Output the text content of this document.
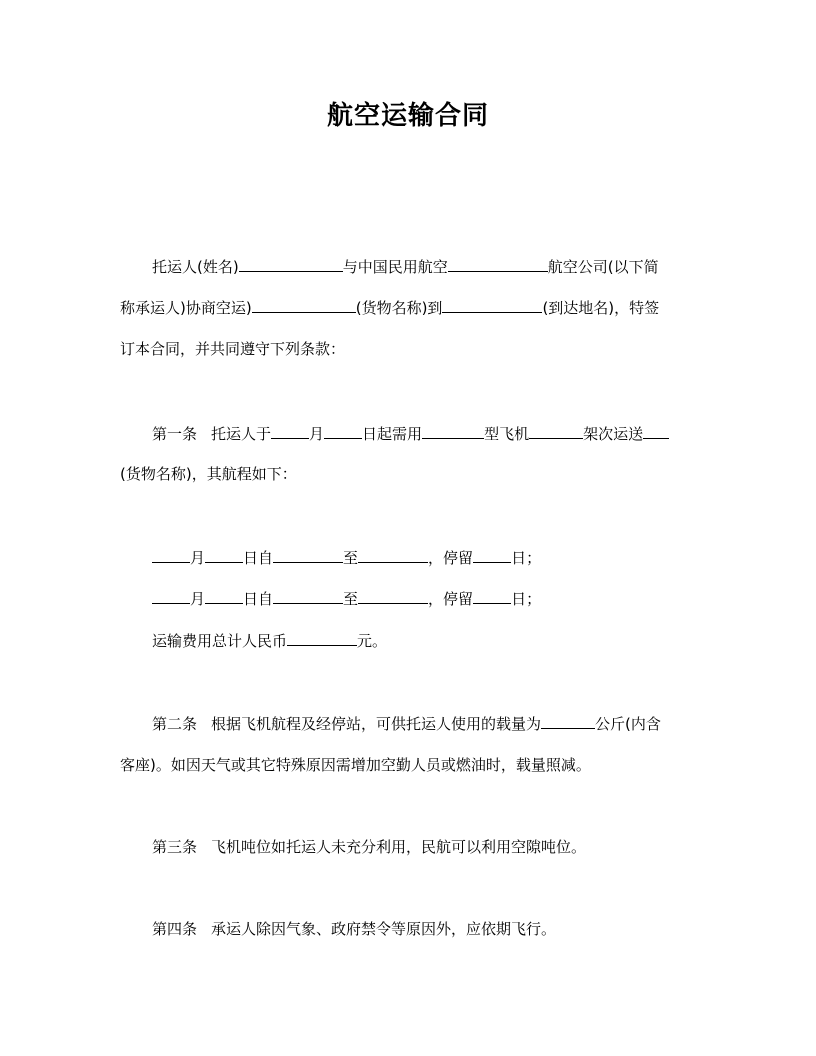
航空运输合同
托运人(姓名)	与中国民用航空	航空公司(以下简
称承运人)协商空运)	(货物名称)到	(到达地名)，特签
订本合同，并共同遵守下列条款：
第一条 托运人于	月	日起需用	型飞机	架次运送
(货物名称)，其航程如下：
月	日自	至	，停留	日；
月	日自	至	，停留	日；
运输费用总计人民币	元。
第二条 根据飞机航程及经停站，可供托运人使用的载量为	公斤(内含
客座)。如因天气或其它特殊原因需增加空勤人员或燃油时，载量照减。
第三条 飞机吨位如托运人未充分利用，民航可以利用空隙吨位。
第四条 承运人除因气象、政府禁令等原因外，应依期飞行。
